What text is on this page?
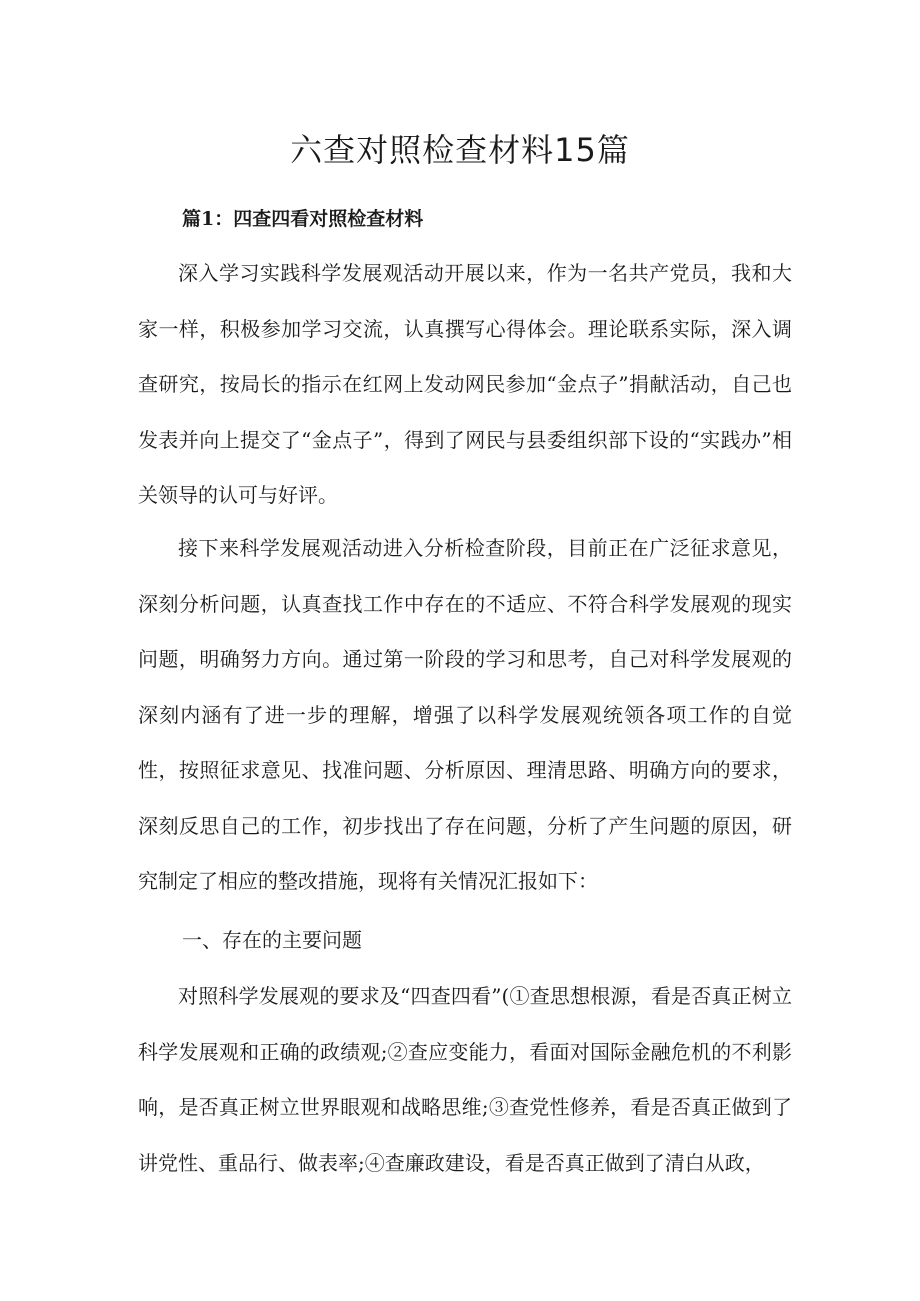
六查对照检查材料15篇
篇1：四查四看对照检查材料

深入学习实践科学发展观活动开展以来，作为一名共产党员，我和大家一样，积极参加学习交流，认真撰写心得体会。理论联系实际，深入调查研究，按局长的指示在红网上发动网民参加“金点子”捐献活动，自己也发表并向上提交了“金点子”，得到了网民与县委组织部下设的“实践办”相关领导的认可与好评。

接下来科学发展观活动进入分析检查阶段，目前正在广泛征求意见，深刻分析问题，认真查找工作中存在的不适应、不符合科学发展观的现实问题，明确努力方向。通过第一阶段的学习和思考，自己对科学发展观的深刻内涵有了进一步的理解，增强了以科学发展观统领各项工作的自觉性，按照征求意见、找准问题、分析原因、理清思路、明确方向的要求，深刻反思自己的工作，初步找出了存在问题，分析了产生问题的原因，研究制定了相应的整改措施，现将有关情况汇报如下：

一、存在的主要问题

对照科学发展观的要求及“四查四看”(①查思想根源，看是否真正树立科学发展观和正确的政绩观;②查应变能力，看面对国际金融危机的不利影响，是否真正树立世界眼观和战略思维;③查党性修养，看是否真正做到了讲党性、重品行、做表率;④查廉政建设，看是否真正做到了清白从政，
